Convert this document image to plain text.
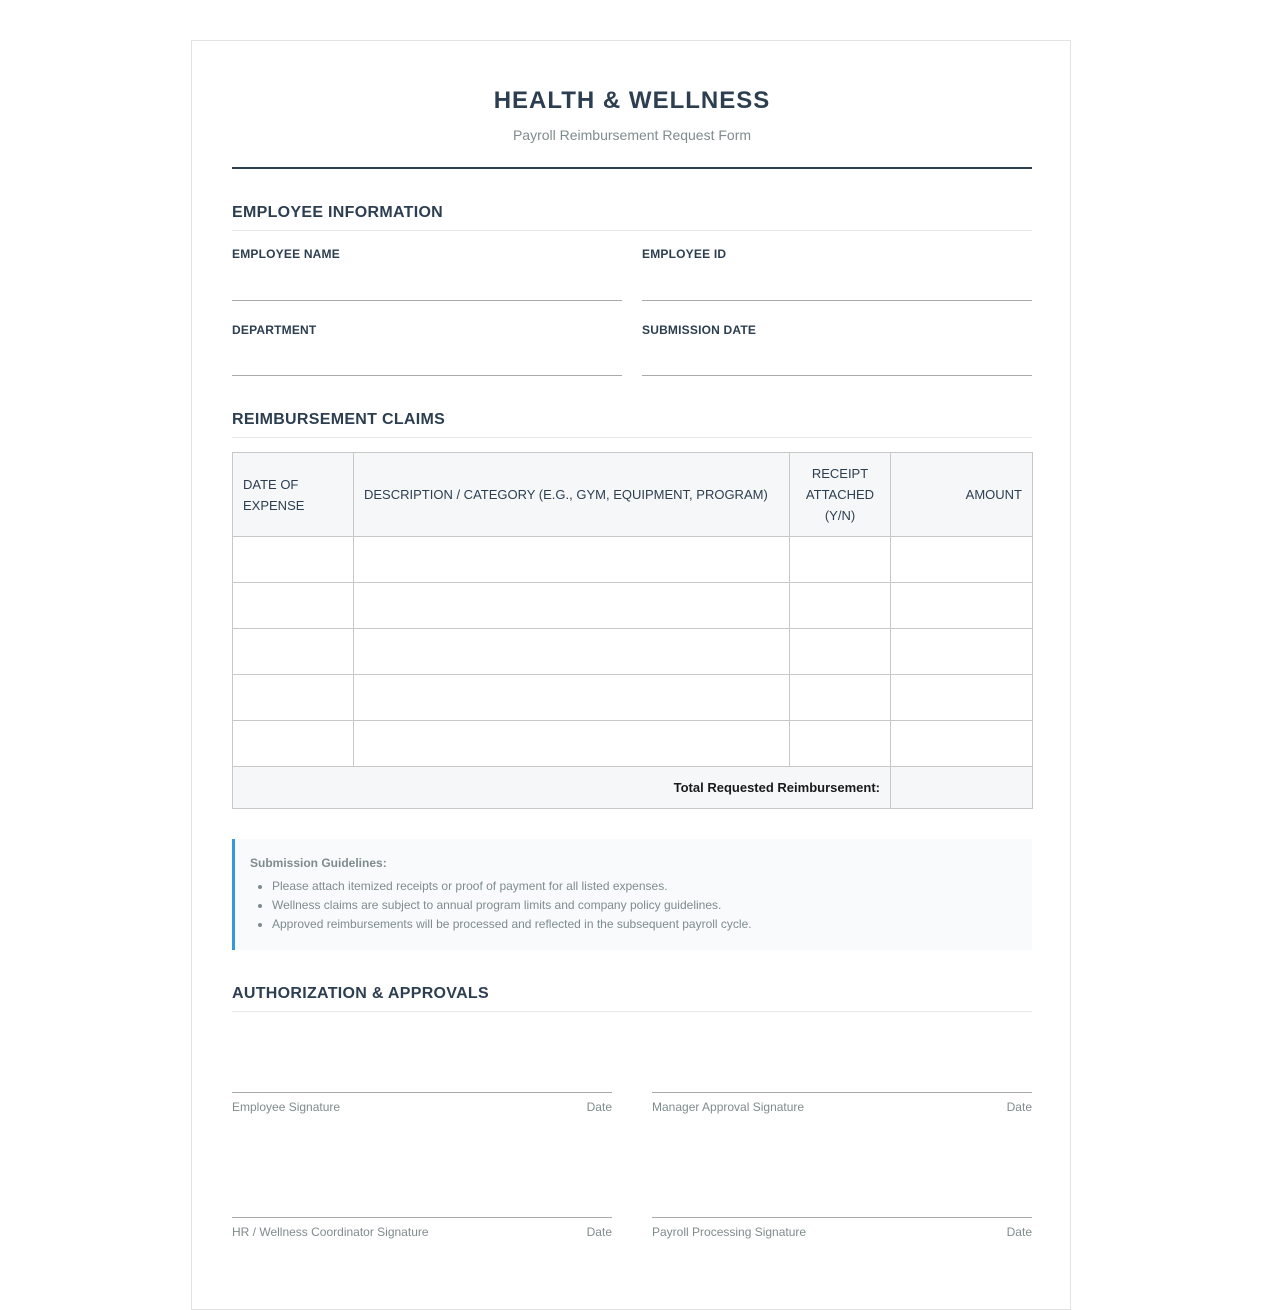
HEALTH & WELLNESS
Payroll Reimbursement Request Form
EMPLOYEE INFORMATION
EMPLOYEE NAME	EMPLOYEE ID
DEPARTMENT	SUBMISSION DATE
REIMBURSEMENT CLAIMS
DATE OF EXPENSE	DESCRIPTION / CATEGORY (E.G., GYM, EQUIPMENT, PROGRAM)	RECEIPT ATTACHED (Y/N)	AMOUNT

Total Requested Reimbursement:			
Submission Guidelines:
• Please attach itemized receipts or proof of payment for all listed expenses.
• Wellness claims are subject to annual program limits and company policy guidelines.
• Approved reimbursements will be processed and reflected in the subsequent payroll cycle.
AUTHORIZATION & APPROVALS
Employee Signature	Date	Manager Approval Signature	Date
HR / Wellness Coordinator Signature	Date	Payroll Processing Signature	Date
